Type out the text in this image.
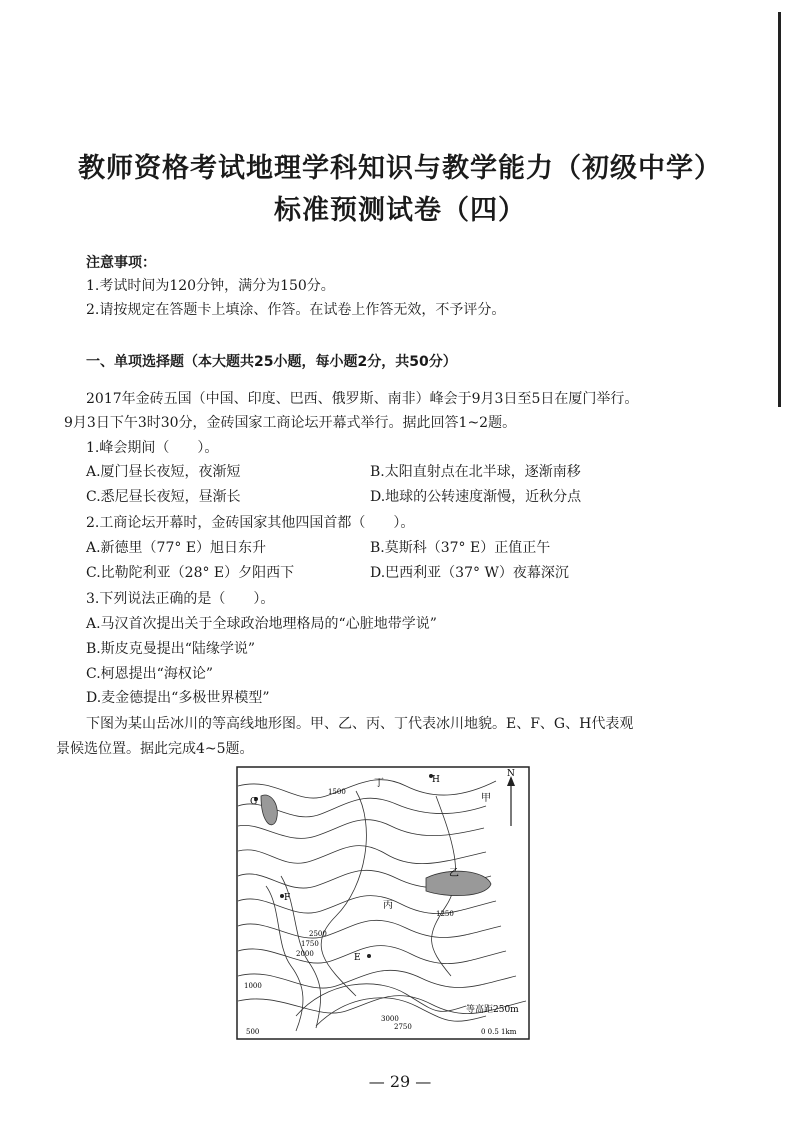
教师资格考试地理学科知识与教学能力（初级中学）
标准预测试卷（四）
注意事项：
1.考试时间为120分钟，满分为150分。
2.请按规定在答题卡上填涂、作答。在试卷上作答无效，不予评分。
一、单项选择题（本大题共25小题，每小题2分，共50分）
2017年金砖五国（中国、印度、巴西、俄罗斯、南非）峰会于9月3日至5日在厦门举行。
9月3日下午3时30分，金砖国家工商论坛开幕式举行。据此回答1~2题。
1.峰会期间（　　）。
A.厦门昼长夜短，夜渐短	B.太阳直射点在北半球，逐渐南移
C.悉尼昼长夜短，昼渐长	D.地球的公转速度渐慢，近秋分点
2.工商论坛开幕时，金砖国家其他四国首都（　　）。
A.新德里（77° E）旭日东升	B.莫斯科（37° E）正值正午
C.比勒陀利亚（28° E）夕阳西下	D.巴西利亚（37° W）夜幕深沉
3.下列说法正确的是（　　）。
A.马汉首次提出关于全球政治地理格局的“心脏地带学说”
B.斯皮克曼提出“陆缘学说”
C.柯恩提出“海权论”
D.麦金德提出“多极世界模型”
下图为某山岳冰川的等高线地形图。甲、乙、丙、丁代表冰川地貌。E、F、G、H代表观
景候选位置。据此完成4~5题。
N
G
H
F
E
甲
乙
丙
丁
等高距250m
3000
2750
2500
1750
2000
1250
1500
500
1000
0 0.5 1km
— 29 —
